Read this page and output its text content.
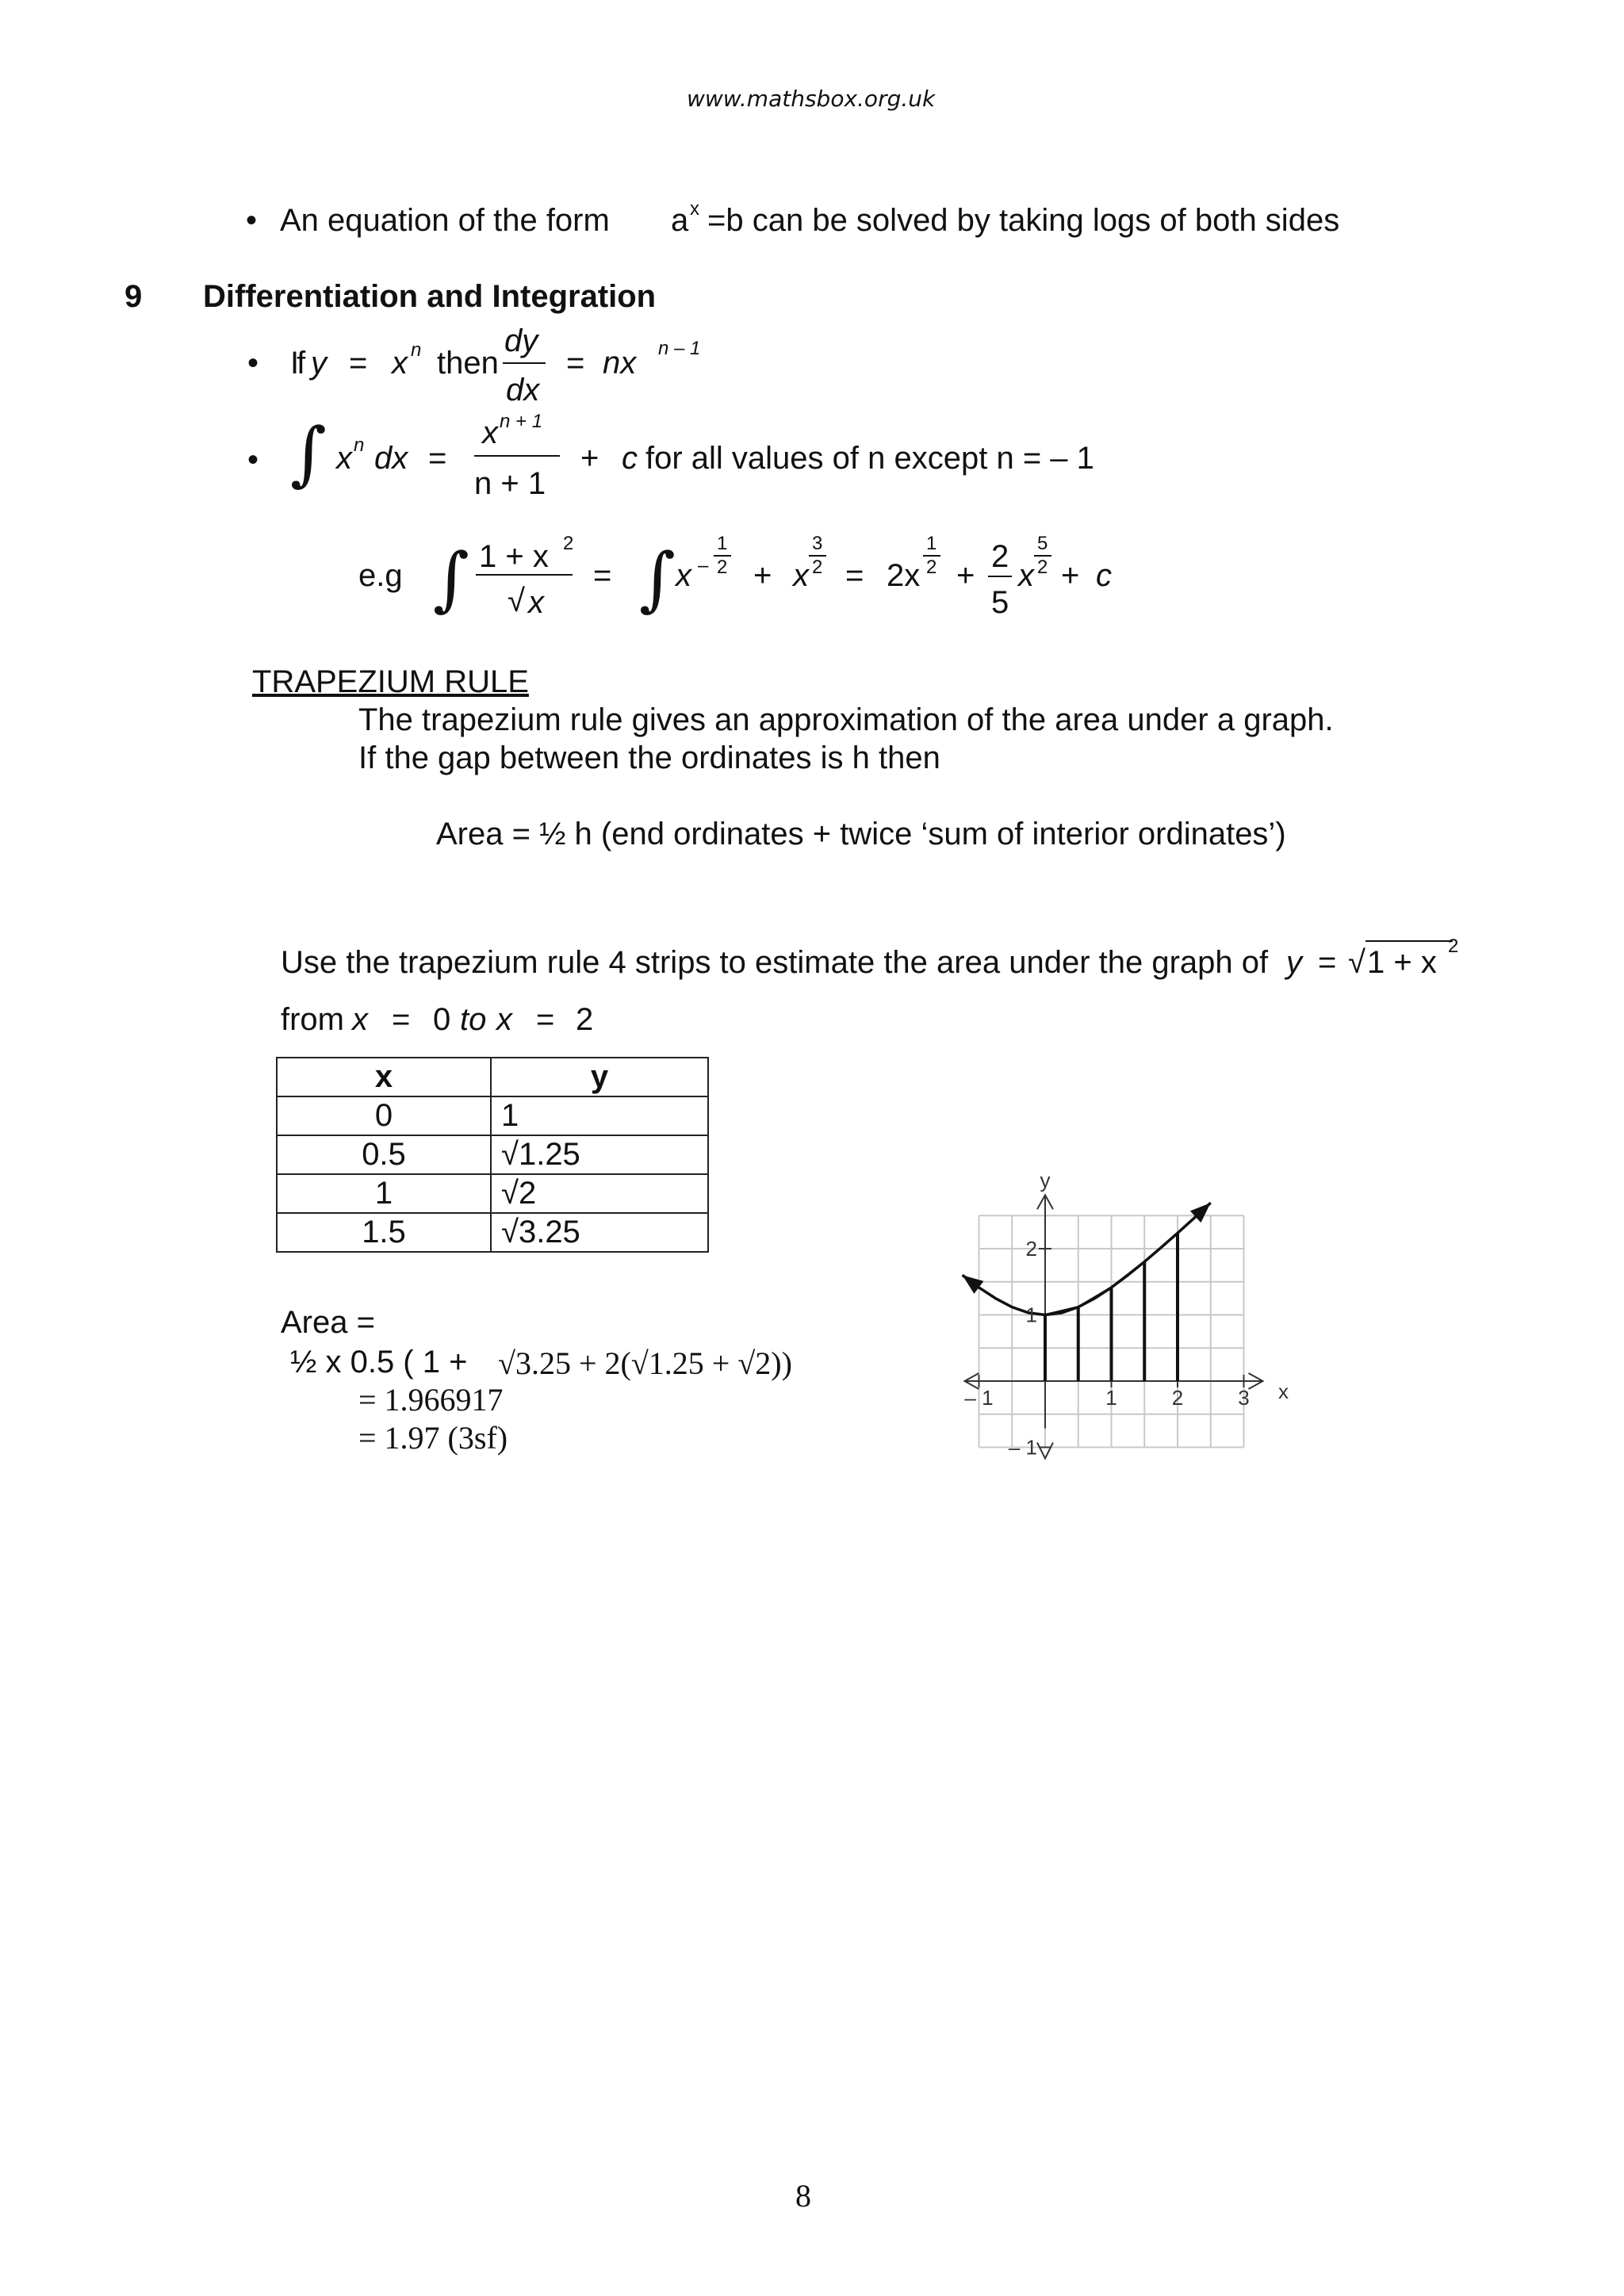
www.mathsbox.org.uk
• An equation of the form a x =b can be solved by taking logs of both sides
9 Differentiation and Integration
• If y = x n then
dy
dx
= nx n – 1
• ∫ x n dx =
x n + 1
n + 1
+ c for all values of n except n = – 1
e.g ∫ 1 + x 2
√ x
= ∫ x –
1
2 + x
3
2 = 2x
1
2 +
2
5
x
5
2 + c
TRAPEZIUM RULE
The trapezium rule gives an approximation of the area under a graph.
If the gap between the ordinates is h then
Area = ½ h (end ordinates + twice ‘sum of interior ordinates’)
Use the trapezium rule 4 strips to estimate the area under the graph of y = √ 1 + x 2
from x = 0 to x = 2
x	y
0	1
0.5	√1.25
1	√2
1.5	√3.25
Area =
½ x 0.5 ( 1 + √3.25 + 2(√1.25 + √2))
= 1.966917
= 1.97 (3sf)
– 1	1	2	3
– 1
1
2
x
y
8
